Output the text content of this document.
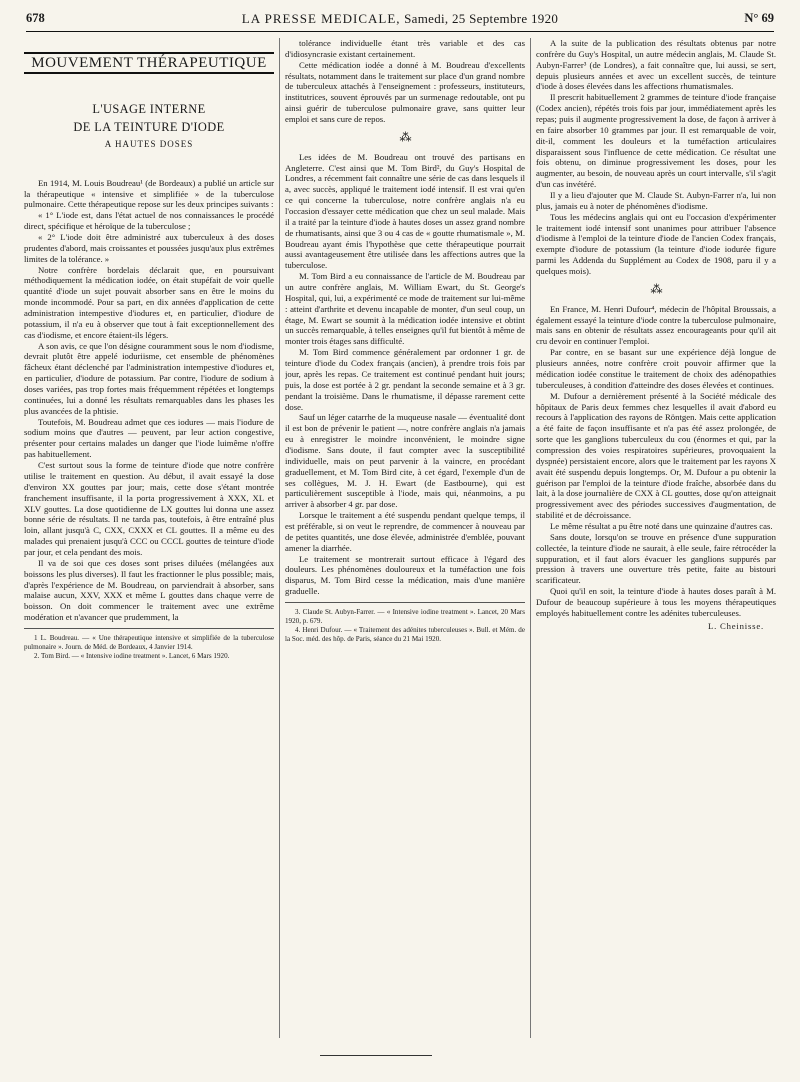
678	LA PRESSE MEDICALE, Samedi, 25 Septembre 1920	N° 69
MOUVEMENT THÉRAPEUTIQUE
L'USAGE INTERNE
DE LA TEINTURE D'IODE
A HAUTES DOSES

En 1914, M. Louis Boudreau¹ (de Bordeaux) a publié un article sur la thérapeutique « intensive et simplifiée » de la tuberculose pulmonaire. Cette thérapeutique repose sur les deux principes suivants :

« 1° L'iode est, dans l'état actuel de nos connaissances le procédé direct, spécifique et héroïque de la tuberculose ;

« 2° L'iode doit être administré aux tuberculeux à des doses prudentes d'abord, mais croissantes et poussées jusqu'aux plus extrêmes limites de la tolérance. »

Notre confrère bordelais déclarait que, en poursuivant méthodiquement la médication iodée, on était stupéfait de voir quelle quantité d'iode un sujet pouvait absorber sans en être le moins du monde incommodé. Pour sa part, en dix années d'application de cette administration intempestive d'iodures et, en particulier, d'iodure de potassium, il n'a eu à observer que tout à fait exceptionnellement des cas d'iodisme, et encore étaient-ils légers.

A son avis, ce que l'on désigne couramment sous le nom d'iodisme, devrait plutôt être appelé ioduriisme, cet ensemble de phénomènes fâcheux étant déclenché par l'administration intempestive d'iodures et, en particulier, d'iodure de potassium. Par contre, l'iodure de sodium à doses variées, pas trop fortes mais fréquemment répétées et longtemps continuées, lui a donné les résultats remarquables dans les phases les plus avancées de la phtisie.

Toutefois, M. Boudreau admet que ces iodures — mais l'iodure de sodium moins que d'autres — peuvent, par leur action congestive, présenter pour certains malades un danger que l'iode luimême n'offre pas habituellement.

C'est surtout sous la forme de teinture d'iode que notre confrère utilise le traitement en question. Au début, il avait essayé la dose d'environ XX gouttes par jour; mais, cette dose s'étant montrée franchement insuffisante, il la porta progressivement à XXX, XL et XLV gouttes. La dose quotidienne de LX gouttes lui donna une assez bonne série de résultats. Il ne tarda pas, toutefois, à être entraîné plus loin, allant jusqu'à C, CXX, CXXX et CL gouttes. Il a même eu des malades qui prenaient jusqu'à CCC ou CCCL gouttes de teinture d'iode par jour, et cela pendant des mois.

Il va de soi que ces doses sont prises diluées (mélangées aux boissons les plus diverses). Il faut les fractionner le plus possible; mais, d'après l'expérience de M. Boudreau, on parviendrait à absorber, sans malaise aucun, XXV, XXX et même L gouttes dans chaque verre de boisson. On doit commencer le traitement avec une extrême modération et n'avancer que prudemment, la

1 L. Boudreau. — « Une thérapeutique intensive et simplifiée de la tuberculose pulmonaire ». Journ. de Méd. de Bordeaux, 4 Janvier 1914.

2. Tom Bird. — « Intensive iodine treatment ». Lancet, 6 Mars 1920.

tolérance individuelle étant très variable et des cas d'idiosyncrasie existant certainement.

Cette médication iodée a donné à M. Boudreau d'excellents résultats, notamment dans le traitement sur place d'un grand nombre de tuberculeux attachés à l'enseignement : professeurs, instituteurs, institutrices, souvent éprouvés par un surmenage redoutable, ont pu ainsi guérir de tuberculose pulmonaire grave, sans quitter leur emploi et sans cure de repos.

⁂

Les idées de M. Boudreau ont trouvé des partisans en Angleterre. C'est ainsi que M. Tom Bird², du Guy's Hospital de Londres, a récemment fait connaître une série de cas dans lesquels il a, avec succès, appliqué le traitement iodé intensif. Il est vrai qu'en ce qui concerne la tuberculose, notre confrère anglais n'a eu l'occasion d'essayer cette médication que chez un seul malade. Mais il a traité par la teinture d'iode à hautes doses un assez grand nombre de rhumatisants, ainsi que 3 ou 4 cas de « goutte rhumatismale », M. Boudreau ayant émis l'hypothèse que cette thérapeutique pourrait aussi avantageusement être utilisée dans les affections autres que la tuberculose.

M. Tom Bird a eu connaissance de l'article de M. Boudreau par un autre confrère anglais, M. William Ewart, du St. George's Hospital, qui, lui, a expérimenté ce mode de traitement sur lui-même : atteint d'arthrite et devenu incapable de monter, d'un seul coup, un étage, M. Ewart se soumit à la médication iodée intensive et obtint un succès remarquable, à telles enseignes qu'il fut bientôt à même de monter trois étages sans difficulté.

M. Tom Bird commence généralement par ordonner 1 gr. de teinture d'iode du Codex français (ancien), à prendre trois fois par jour, après les repas. Ce traitement est continué pendant huit jours; puis, la dose est portée à 2 gr. pendant la seconde semaine et à 3 gr. pendant la troisième. Dans le rhumatisme, il dépasse rarement cette dose.

Sauf un léger catarrhe de la muqueuse nasale — éventualité dont il est bon de prévenir le patient —, notre confrère anglais n'a jamais eu à enregistrer le moindre inconvénient, le moindre signe d'iodisme. Sans doute, il faut compter avec la susceptibilité individuelle, mais on peut parvenir à la vaincre, en procédant graduellement, et M. Tom Bird cite, à cet égard, l'exemple d'un de ses collègues, M. J. H. Ewart (de Eastbourne), qui est particulièrement susceptible à l'iode, mais qui, néanmoins, a pu arriver à absorber 4 gr. par dose.

Lorsque le traitement a été suspendu pendant quelque temps, il est préférable, si on veut le reprendre, de commencer à nouveau par de petites quantités, une dose élevée, administrée d'emblée, pouvant amener la diarrhée.

Le traitement se montrerait surtout efficace à l'égard des douleurs. Les phénomènes douloureux et la tuméfaction une fois disparus, M. Tom Bird cesse la médication, mais d'une manière graduelle.

3. Claude St. Aubyn-Farrer. — « Intensive iodine treatment ». Lancet, 20 Mars 1920, p. 679.

4. Henri Dufour. — « Traitement des adénites tuberculeuses ». Bull. et Mém. de la Soc. méd. des hôp. de Paris, séance du 21 Mai 1920.

A la suite de la publication des résultats obtenus par notre confrère du Guy's Hospital, un autre médecin anglais, M. Claude St. Aubyn-Farrer³ (de Londres), a fait connaître que, lui aussi, se sert, depuis plusieurs années et avec un excellent succès, de teinture d'iode à doses élevées dans les affections rhumatismales.

Il prescrit habituellement 2 grammes de teinture d'iode française (Codex ancien), répétés trois fois par jour, immédiatement après les repas; puis il augmente progressivement la dose, de façon à arriver à en faire absorber 10 grammes par jour. Il est remarquable de voir, dit-il, comment les douleurs et la tuméfaction articulaires disparaissent sous l'influence de cette médication. Ce résultat une fois obtenu, on diminue progressivement les doses, pour les augmenter, au besoin, de nouveau après un court intervalle, s'il s'agit d'un cas invétéré.

Il y a lieu d'ajouter que M. Claude St. Aubyn-Farrer n'a, lui non plus, jamais eu à noter de phénomènes d'iodisme.

Tous les médecins anglais qui ont eu l'occasion d'expérimenter le traitement iodé intensif sont unanimes pour attribuer l'absence d'iodisme à l'emploi de la teinture d'iode de l'ancien Codex français, exempte d'iodure de potassium (la teinture d'iode iodurée figure parmi les Addenda du Supplément au Codex de 1908, paru il y a quelques mois).

⁂

En France, M. Henri Dufour⁴, médecin de l'hôpital Broussais, a également essayé la teinture d'iode contre la tuberculose pulmonaire, mais sans en obtenir de résultats assez encourageants pour qu'il ait cru devoir en continuer l'emploi.

Par contre, en se basant sur une expérience déjà longue de plusieurs années, notre confrère croit pouvoir affirmer que la médication iodée constitue le traitement de choix des adénopathies tuberculeuses, à condition d'atteindre des doses élevées et continues.

M. Dufour a dernièrement présenté à la Société médicale des hôpitaux de Paris deux femmes chez lesquelles il avait d'abord eu recours à l'application des rayons de Röntgen. Mais cette application a été faite de façon insuffisante et n'a pas été assez prolongée, de sorte que les ganglions tuberculeux du cou (énormes et qui, par la compression des voies respiratoires supérieures, provoquaient la dyspnée) persistaient encore, alors que le traitement par les rayons X avait été suspendu depuis longtemps. Or, M. Dufour a pu obtenir la guérison par l'emploi de la teinture d'iode fraîche, absorbée dans du lait, à la dose journalière de CXX à CL gouttes, dose qu'on atteignait progressivement avec des périodes successives d'augmentation, de stabilité et de décroissance.

Le même résultat a pu être noté dans une quinzaine d'autres cas.

Sans doute, lorsqu'on se trouve en présence d'une suppuration collectée, la teinture d'iode ne saurait, à elle seule, faire rétrocéder la suppuration, et il faut alors évacuer les ganglions suppurés par pression à travers une ouverture très petite, faite au bistouri scarificateur.

Quoi qu'il en soit, la teinture d'iode à hautes doses paraît à M. Dufour de beaucoup supérieure à tous les moyens thérapeutiques employés habituellement contre les adénites tuberculeuses.

L. Cheinisse.
